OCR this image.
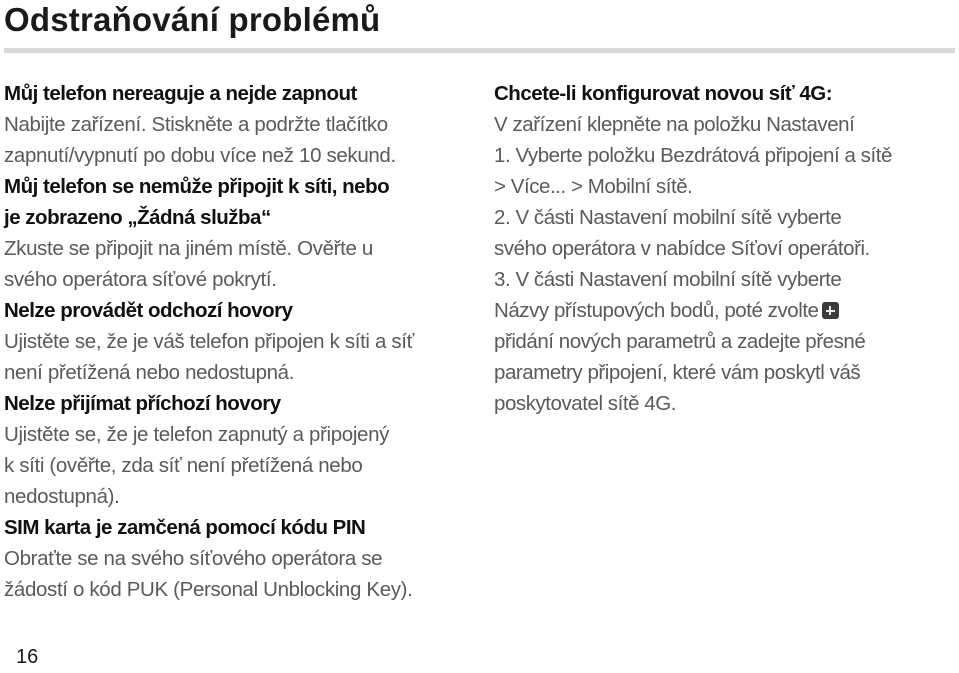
Odstraňování problémů
Můj telefon nereaguje a nejde zapnout
Nabijte zařízení. Stiskněte a podržte tlačítko
zapnutí/vypnutí po dobu více než 10 sekund.
Můj telefon se nemůže připojit k síti, nebo
je zobrazeno „Žádná služba“
Zkuste se připojit na jiném místě. Ověřte u
svého operátora síťové pokrytí.
Nelze provádět odchozí hovory
Ujistěte se, že je váš telefon připojen k síti a síť
není přetížená nebo nedostupná.
Nelze přijímat příchozí hovory
Ujistěte se, že je telefon zapnutý a připojený
k síti (ověřte, zda síť není přetížená nebo
nedostupná).
SIM karta je zamčená pomocí kódu PIN
Obraťte se na svého síťového operátora se
žádostí o kód PUK (Personal Unblocking Key).
Chcete-li konfigurovat novou síť 4G:
V zařízení klepněte na položku Nastavení
1. Vyberte položku Bezdrátová připojení a sítě
> Více... > Mobilní sítě.
2. V části Nastavení mobilní sítě vyberte
svého operátora v nabídce Síťoví operátoři.
3. V části Nastavení mobilní sítě vyberte
Názvy přístupových bodů, poté zvolte
přidání nových parametrů a zadejte přesné
parametry připojení, které vám poskytl váš
poskytovatel sítě 4G.
16
